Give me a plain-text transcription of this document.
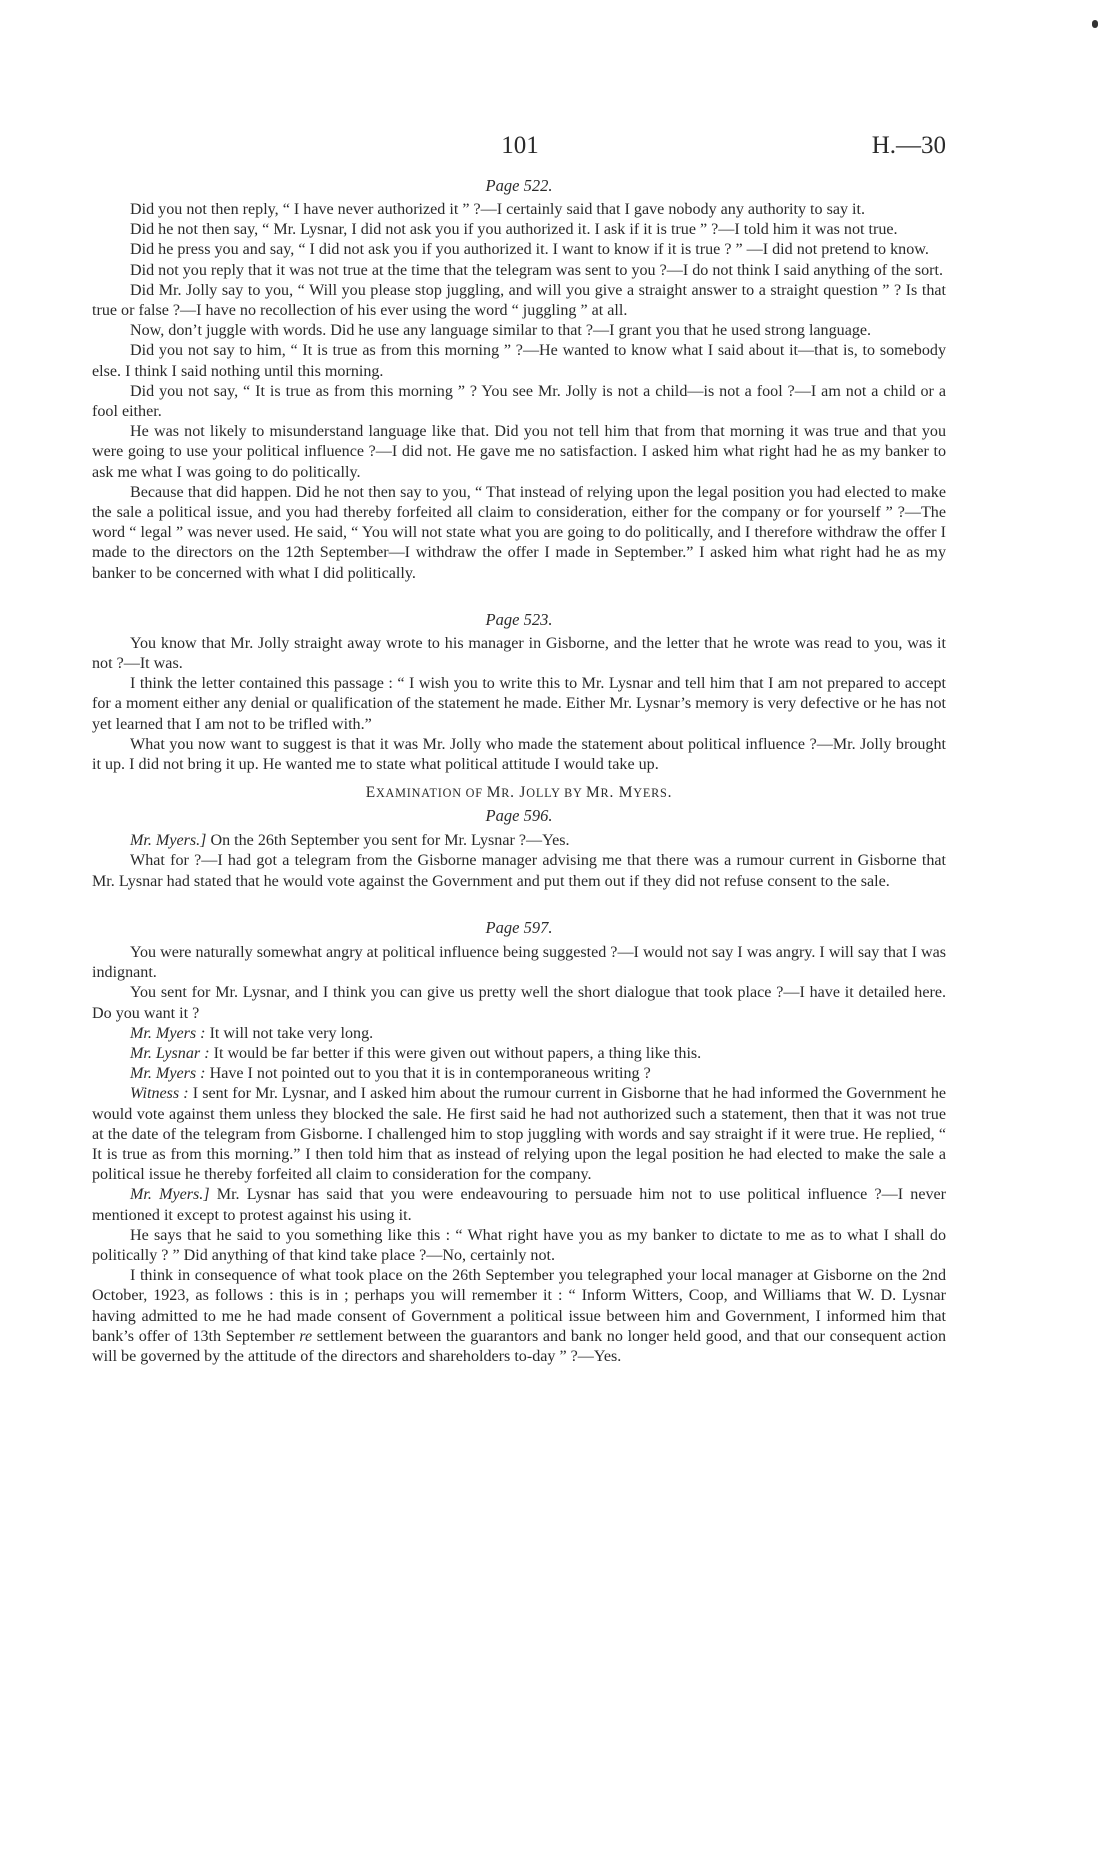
101	H.—30
Page 522.

Did you not then reply, “ I have never authorized it ” ?—I certainly said that I gave nobody any authority to say it.

Did he not then say, “ Mr. Lysnar, I did not ask you if you authorized it. I ask if it is true ” ?—I told him it was not true.

Did he press you and say, “ I did not ask you if you authorized it. I want to know if it is true ? ” —I did not pretend to know.

Did not you reply that it was not true at the time that the telegram was sent to you ?—I do not think I said anything of the sort.

Did Mr. Jolly say to you, “ Will you please stop juggling, and will you give a straight answer to a straight question ” ? Is that true or false ?—I have no recollection of his ever using the word “ juggling ” at all.

Now, don’t juggle with words. Did he use any language similar to that ?—I grant you that he used strong language.

Did you not say to him, “ It is true as from this morning ” ?—He wanted to know what I said about it—that is, to somebody else. I think I said nothing until this morning.

Did you not say, “ It is true as from this morning ” ? You see Mr. Jolly is not a child—is not a fool ?—I am not a child or a fool either.

He was not likely to misunderstand language like that. Did you not tell him that from that morning it was true and that you were going to use your political influence ?—I did not. He gave me no satisfaction. I asked him what right had he as my banker to ask me what I was going to do politically.

Because that did happen. Did he not then say to you, “ That instead of relying upon the legal position you had elected to make the sale a political issue, and you had thereby forfeited all claim to consideration, either for the company or for yourself ” ?—The word “ legal ” was never used. He said, “ You will not state what you are going to do politically, and I therefore withdraw the offer I made to the directors on the 12th September—I withdraw the offer I made in September.” I asked him what right had he as my banker to be concerned with what I did politically.

Page 523.

You know that Mr. Jolly straight away wrote to his manager in Gisborne, and the letter that he wrote was read to you, was it not ?—It was.

I think the letter contained this passage : “ I wish you to write this to Mr. Lysnar and tell him that I am not prepared to accept for a moment either any denial or qualification of the statement he made. Either Mr. Lysnar’s memory is very defective or he has not yet learned that I am not to be trifled with.”

What you now want to suggest is that it was Mr. Jolly who made the statement about political influence ?—Mr. Jolly brought it up. I did not bring it up. He wanted me to state what political attitude I would take up.

EXAMINATION OF MR. JOLLY BY MR. MYERS.
Page 596.

Mr. Myers.] On the 26th September you sent for Mr. Lysnar ?—Yes.

What for ?—I had got a telegram from the Gisborne manager advising me that there was a rumour current in Gisborne that Mr. Lysnar had stated that he would vote against the Government and put them out if they did not refuse consent to the sale.

Page 597.

You were naturally somewhat angry at political influence being suggested ?—I would not say I was angry. I will say that I was indignant.

You sent for Mr. Lysnar, and I think you can give us pretty well the short dialogue that took place ?—I have it detailed here. Do you want it ?

Mr. Myers : It will not take very long.

Mr. Lysnar : It would be far better if this were given out without papers, a thing like this.

Mr. Myers : Have I not pointed out to you that it is in contemporaneous writing ?

Witness : I sent for Mr. Lysnar, and I asked him about the rumour current in Gisborne that he had informed the Government he would vote against them unless they blocked the sale. He first said he had not authorized such a statement, then that it was not true at the date of the telegram from Gisborne. I challenged him to stop juggling with words and say straight if it were true. He replied, “ It is true as from this morning.” I then told him that as instead of relying upon the legal position he had elected to make the sale a political issue he thereby forfeited all claim to consideration for the company.

Mr. Myers.] Mr. Lysnar has said that you were endeavouring to persuade him not to use political influence ?—I never mentioned it except to protest against his using it.

He says that he said to you something like this : “ What right have you as my banker to dictate to me as to what I shall do politically ? ” Did anything of that kind take place ?—No, certainly not.

I think in consequence of what took place on the 26th September you telegraphed your local manager at Gisborne on the 2nd October, 1923, as follows : this is in ; perhaps you will remember it : “ Inform Witters, Coop, and Williams that W. D. Lysnar having admitted to me he had made consent of Government a political issue between him and Government, I informed him that bank’s offer of 13th September re settlement between the guarantors and bank no longer held good, and that our consequent action will be governed by the attitude of the directors and shareholders to-day ” ?—Yes.
